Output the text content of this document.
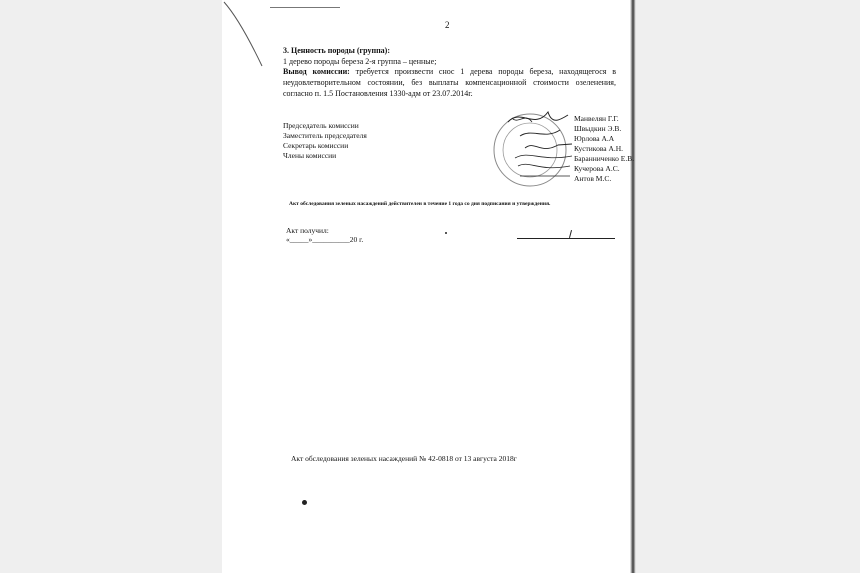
2
3. Ценность породы (группа):
1 дерево породы береза 2-я группа – ценные;
Вывод комиссии: требуется произвести снос 1 дерева породы береза, находящегося в неудовлетворительном состоянии, без выплаты компенсационной стоимости озеленения, согласно п. 1.5 Постановления 1330-адм от 23.07.2014г.
Председатель комиссии
Заместитель председателя
Секретарь комиссии
Члены комиссии
Манвелян Г.Г.
Швыдкин Э.В.
Юрлова А.А
Кустикова А.Н.
Баранниченко Е.В.
Кучерова А.С.
Антов М.С.
Акт обследования зеленых насаждений действителен в течение 1 года со дня подписания и утверждения.
Акт получил:
«_____»__________20 г.
Акт обследования зеленых насаждений № 42-0818 от 13 августа 2018г
